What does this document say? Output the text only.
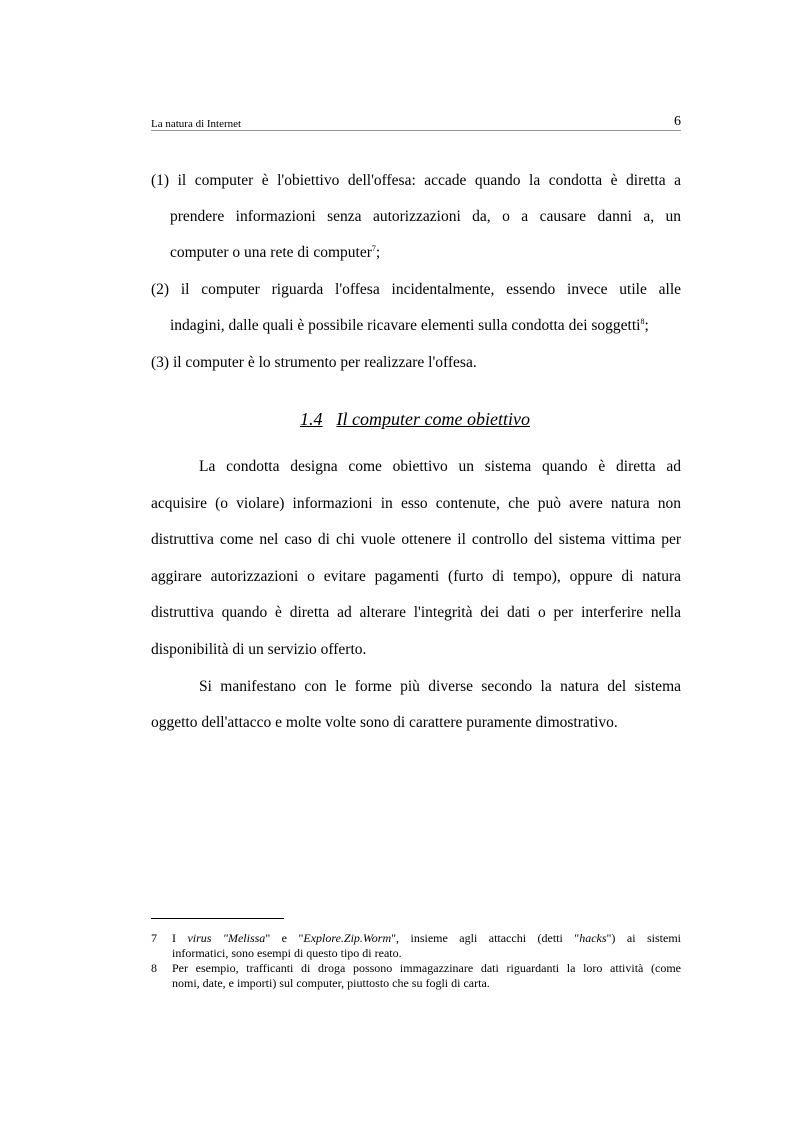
La natura di Internet	6
(1) il computer è l'obiettivo dell'offesa: accade quando la condotta è diretta a
prendere informazioni senza autorizzazioni da, o a causare danni a, un
computer o una rete di computer$^7$;
(2) il computer riguarda l'offesa incidentalmente, essendo invece utile alle
indagini, dalle quali è possibile ricavare elementi sulla condotta dei soggetti$^8$;
(3) il computer è lo strumento per realizzare l'offesa.
1.4 Il computer come obiettivo
La condotta designa come obiettivo un sistema quando è diretta ad
acquisire (o violare) informazioni in esso contenute, che può avere natura non
distruttiva come nel caso di chi vuole ottenere il controllo del sistema vittima per
aggirare autorizzazioni o evitare pagamenti (furto di tempo), oppure di natura
distruttiva quando è diretta ad alterare l'integrità dei dati o per interferire nella
disponibilità di un servizio offerto.
Si manifestano con le forme più diverse secondo la natura del sistema
oggetto dell'attacco e molte volte sono di carattere puramente dimostrativo.
7 I virus "Melissa" e "Explore.Zip.Worm", insieme agli attacchi (detti "hacks") ai sistemi
informatici, sono esempi di questo tipo di reato.
8 Per esempio, trafficanti di droga possono immagazzinare dati riguardanti la loro attività (come
nomi, date, e importi) sul computer, piuttosto che su fogli di carta.
